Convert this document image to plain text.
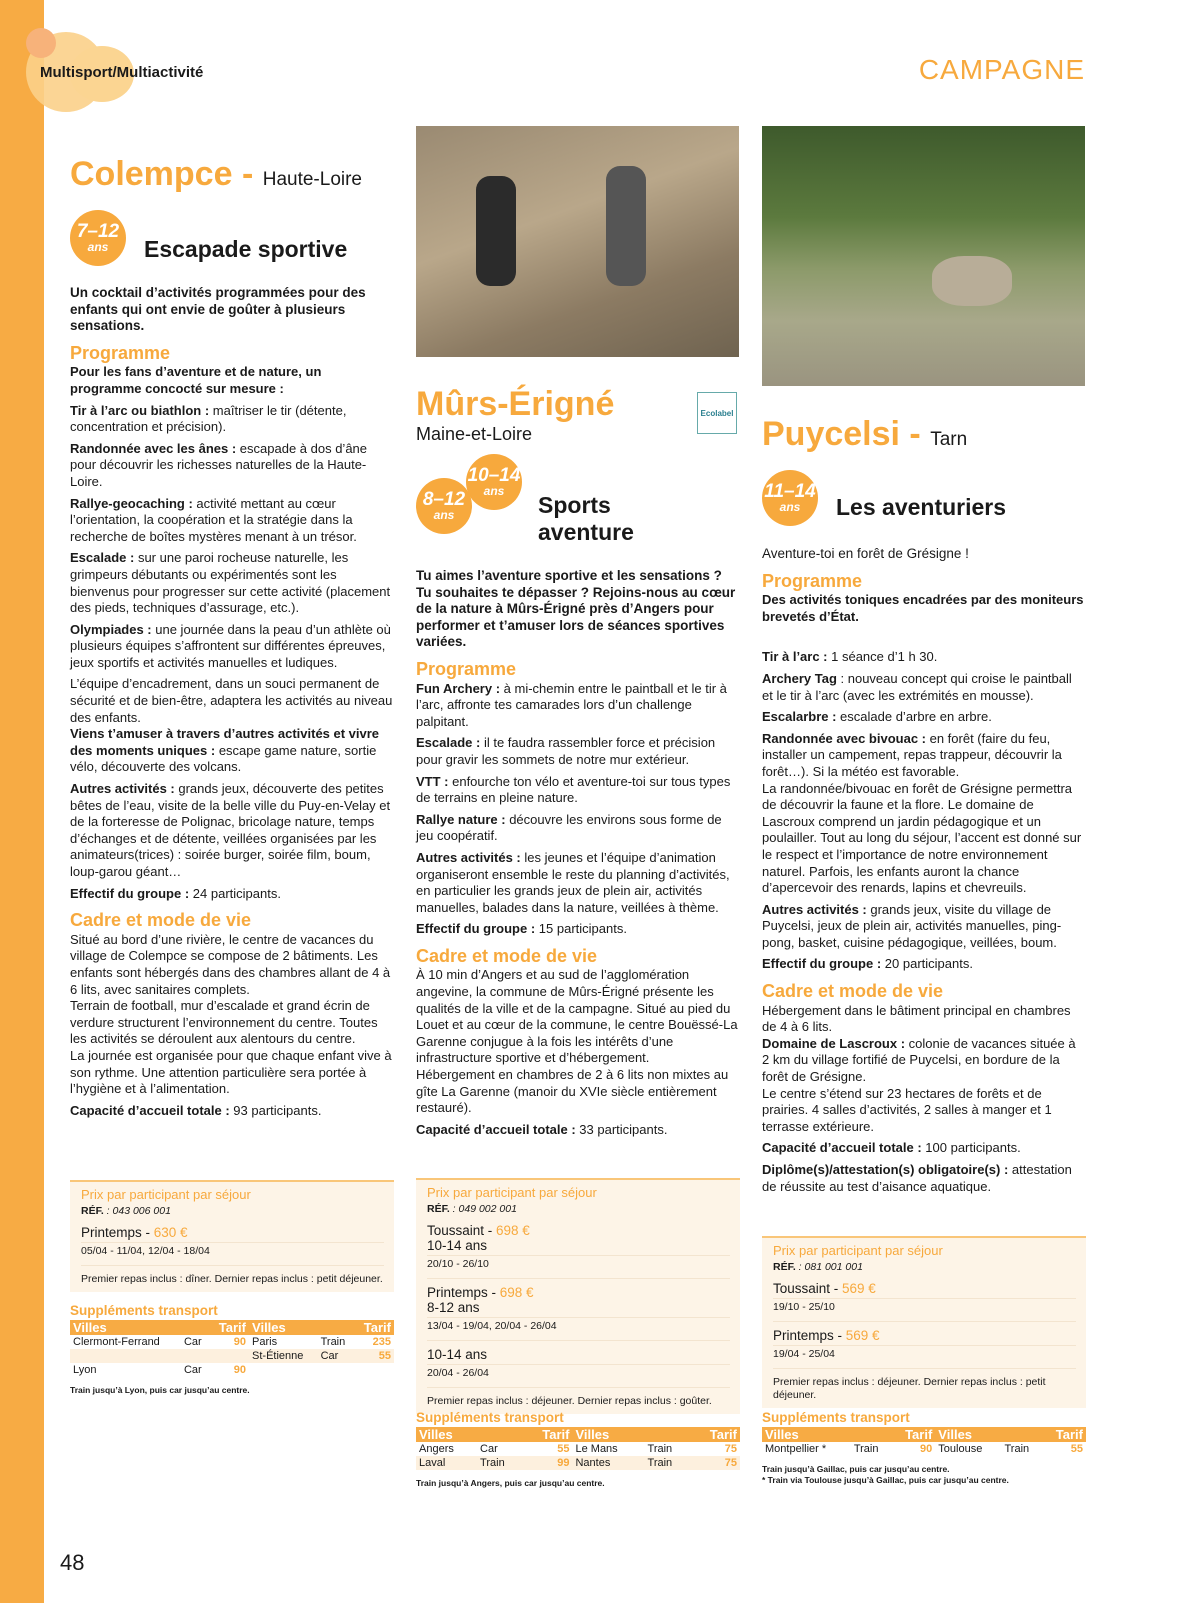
Multisport/Multiactivité	CAMPAGNE
48
Ecolabel
Colempce - Haute-Loire
7–12
ans Escapade sportive
Un cocktail d’activités programmées pour des enfants qui ont envie de goûter à plusieurs sensations.
Programme

Pour les fans d’aventure et de nature, un programme concocté sur mesure :

Tir à l’arc ou biathlon : maîtriser le tir (détente, concentration et précision).

Randonnée avec les ânes : escapade à dos d’âne pour découvrir les richesses naturelles de la Haute-Loire.

Rallye-geocaching : activité mettant au cœur l’orientation, la coopération et la stratégie dans la recherche de boîtes mystères menant à un trésor.

Escalade : sur une paroi rocheuse naturelle, les grimpeurs débutants ou expérimentés sont les bienvenus pour progresser sur cette activité (placement des pieds, techniques d’assurage, etc.).

Olympiades : une journée dans la peau d’un athlète où plusieurs équipes s’affrontent sur différentes épreuves, jeux sportifs et activités manuelles et ludiques.

L’équipe d’encadrement, dans un souci permanent de sécurité et de bien-être, adaptera les activités au niveau des enfants.

Viens t’amuser à travers d’autres activités et vivre des moments uniques : escape game nature, sortie vélo, découverte des volcans.

Autres activités : grands jeux, découverte des petites bêtes de l’eau, visite de la belle ville du Puy-en-Velay et de la forteresse de Polignac, bricolage nature, temps d’échanges et de détente, veillées organisées par les animateurs(trices) : soirée burger, soirée film, boum, loup-garou géant…

Effectif du groupe : 24 participants.

Cadre et mode de vie

Situé au bord d’une rivière, le centre de vacances du village de Colempce se compose de 2 bâtiments. Les enfants sont hébergés dans des chambres allant de 4 à 6 lits, avec sanitaires complets.

Terrain de football, mur d’escalade et grand écrin de verdure structurent l’environnement du centre. Toutes les activités se déroulent aux alentours du centre.

La journée est organisée pour que chaque enfant vive à son rythme. Une attention particulière sera portée à l’hygiène et à l’alimentation.

Capacité d’accueil totale : 93 participants.

Mûrs-Érigné
Maine-et-Loire
8–12
ans
10–14
ans
Sports aventure
Tu aimes l’aventure sportive et les sensations ? Tu souhaites te dépasser ? Rejoins-nous au cœur de la nature à Mûrs-Érigné près d’Angers pour performer et t’amuser lors de séances sportives variées.
Programme

Fun Archery : à mi-chemin entre le paintball et le tir à l’arc, affronte tes camarades lors d’un challenge palpitant.

Escalade : il te faudra rassembler force et précision pour gravir les sommets de notre mur extérieur.

VTT : enfourche ton vélo et aventure-toi sur tous types de terrains en pleine nature.

Rallye nature : découvre les environs sous forme de jeu coopératif.

Autres activités : les jeunes et l’équipe d’animation organiseront ensemble le reste du planning d’activités, en particulier les grands jeux de plein air, activités manuelles, balades dans la nature, veillées à thème.

Effectif du groupe : 15 participants.

Cadre et mode de vie

À 10 min d’Angers et au sud de l’agglomération angevine, la commune de Mûrs-Érigné présente les qualités de la ville et de la campagne. Situé au pied du Louet et au cœur de la commune, le centre Bouëssé-La Garenne conjugue à la fois les intérêts d’une infrastructure sportive et d’hébergement.

Hébergement en chambres de 2 à 6 lits non mixtes au gîte La Garenne (manoir du XVIe siècle entièrement restauré).

Capacité d’accueil totale : 33 participants.

Puycelsi - Tarn
11–14
ans Les aventuriers
Aventure-toi en forêt de Grésigne !
Programme

Des activités toniques encadrées par des moniteurs brevetés d’État.

Tir à l’arc : 1 séance d’1 h 30.

Archery Tag : nouveau concept qui croise le paintball et le tir à l’arc (avec les extrémités en mousse).

Escalarbre : escalade d’arbre en arbre.

Randonnée avec bivouac : en forêt (faire du feu, installer un campement, repas trappeur, découvrir la forêt…). Si la météo est favorable.

La randonnée/bivouac en forêt de Grésigne permettra de découvrir la faune et la flore. Le domaine de Lascroux comprend un jardin pédagogique et un poulailler. Tout au long du séjour, l’accent est donné sur le respect et l’importance de notre environnement naturel. Parfois, les enfants auront la chance d’apercevoir des renards, lapins et chevreuils.

Autres activités : grands jeux, visite du village de Puycelsi, jeux de plein air, activités manuelles, ping-pong, basket, cuisine pédagogique, veillées, boum.

Effectif du groupe : 20 participants.

Cadre et mode de vie

Hébergement dans le bâtiment principal en chambres de 4 à 6 lits.

Domaine de Lascroux : colonie de vacances située à 2 km du village fortifié de Puycelsi, en bordure de la forêt de Grésigne.

Le centre s’étend sur 23 hectares de forêts et de prairies. 4 salles d’activités, 2 salles à manger et 1 terrasse extérieure.

Capacité d’accueil totale : 100 participants.

Diplôme(s)/attestation(s) obligatoire(s) : attestation de réussite au test d’aisance aquatique.

Prix par participant par séjour
RÉF. : 043 006 001
Printemps - 630 €
05/04 - 11/04, 12/04 - 18/04
Premier repas inclus : dîner. Dernier repas inclus : petit déjeuner.
Prix par participant par séjour
RÉF. : 049 002 001
Toussaint - 698 €
10-14 ans
20/10 - 26/10
Printemps - 698 €
8-12 ans
13/04 - 19/04, 20/04 - 26/04
10-14 ans
20/04 - 26/04
Premier repas inclus : déjeuner. Dernier repas inclus : goûter.
Prix par participant par séjour
RÉF. : 081 001 001
Toussaint - 569 €
19/10 - 25/10
Printemps - 569 €
19/04 - 25/04
Premier repas inclus : déjeuner. Dernier repas inclus : petit déjeuner.
Suppléments transport
Villes		Tarif	Villes		Tarif
Clermont-Ferrand	Car	90	Paris	Train	235
			St-Étienne	Car	55
Lyon	Car	90			
Train jusqu’à Lyon, puis car jusqu’au centre.
Suppléments transport
Villes		Tarif	Villes		Tarif
Angers	Car	55	Le Mans	Train	75
Laval	Train	99	Nantes	Train	75
Train jusqu’à Angers, puis car jusqu’au centre.
Suppléments transport
Villes		Tarif	Villes		Tarif
Montpellier *	Train	90	Toulouse	Train	55
Train jusqu’à Gaillac, puis car jusqu’au centre.
* Train via Toulouse jusqu’à Gaillac, puis car jusqu’au centre.
